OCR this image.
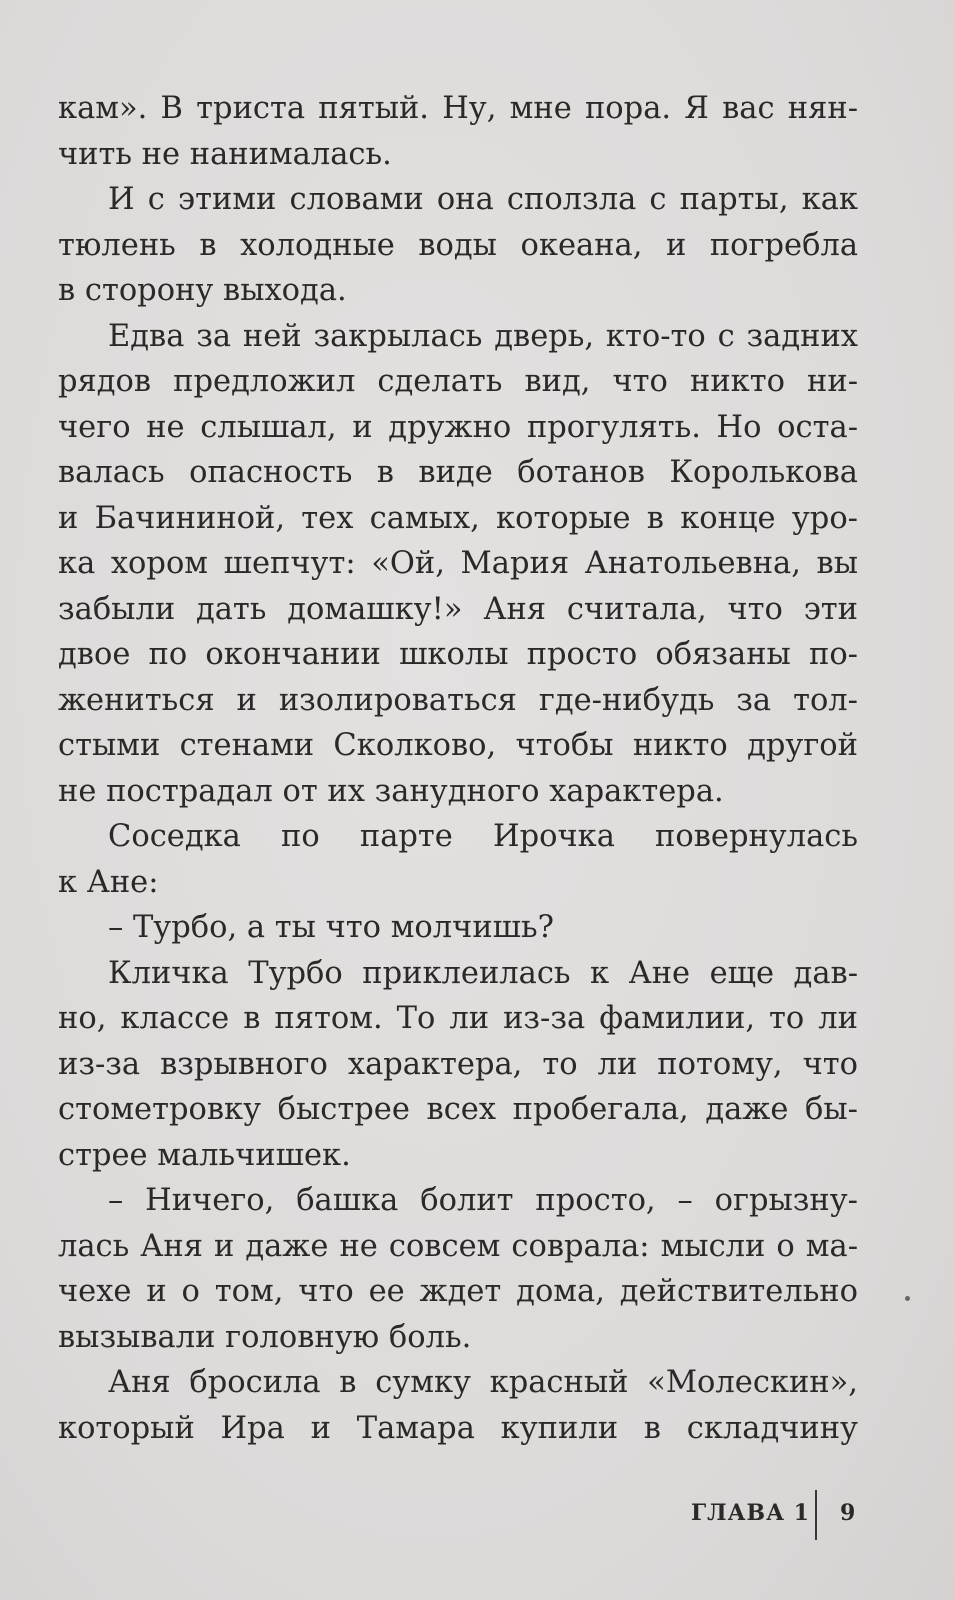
кам». В триста пятый. Ну, мне пора. Я вас нян-
чить не нанималась.
И с этими словами она сползла с парты, как
тюлень в холодные воды океана, и погребла
в сторону выхода.
Едва за ней закрылась дверь, кто-то с задних
рядов предложил сделать вид, что никто ни-
чего не слышал, и дружно прогулять. Но оста-
валась опасность в виде ботанов Королькова
и Бачининой, тех самых, которые в конце уро-
ка хором шепчут: «Ой, Мария Анатольевна, вы
забыли дать домашку!» Аня считала, что эти
двое по окончании школы просто обязаны по-
жениться и изолироваться где-нибудь за тол-
стыми стенами Сколково, чтобы никто другой
не пострадал от их занудного характера.
Соседка по парте Ирочка повернулась
к Ане:
– Турбо, а ты что молчишь?
Кличка Турбо приклеилась к Ане еще дав-
но, классе в пятом. То ли из-за фамилии, то ли
из-за взрывного характера, то ли потому, что
стометровку быстрее всех пробегала, даже бы-
стрее мальчишек.
– Ничего, башка болит просто, – огрызну-
лась Аня и даже не совсем соврала: мысли о ма-
чехе и о том, что ее ждет дома, действительно
вызывали головную боль.
Аня бросила в сумку красный «Молескин»,
который Ира и Тамара купили в складчину
ГЛАВА 1 9
